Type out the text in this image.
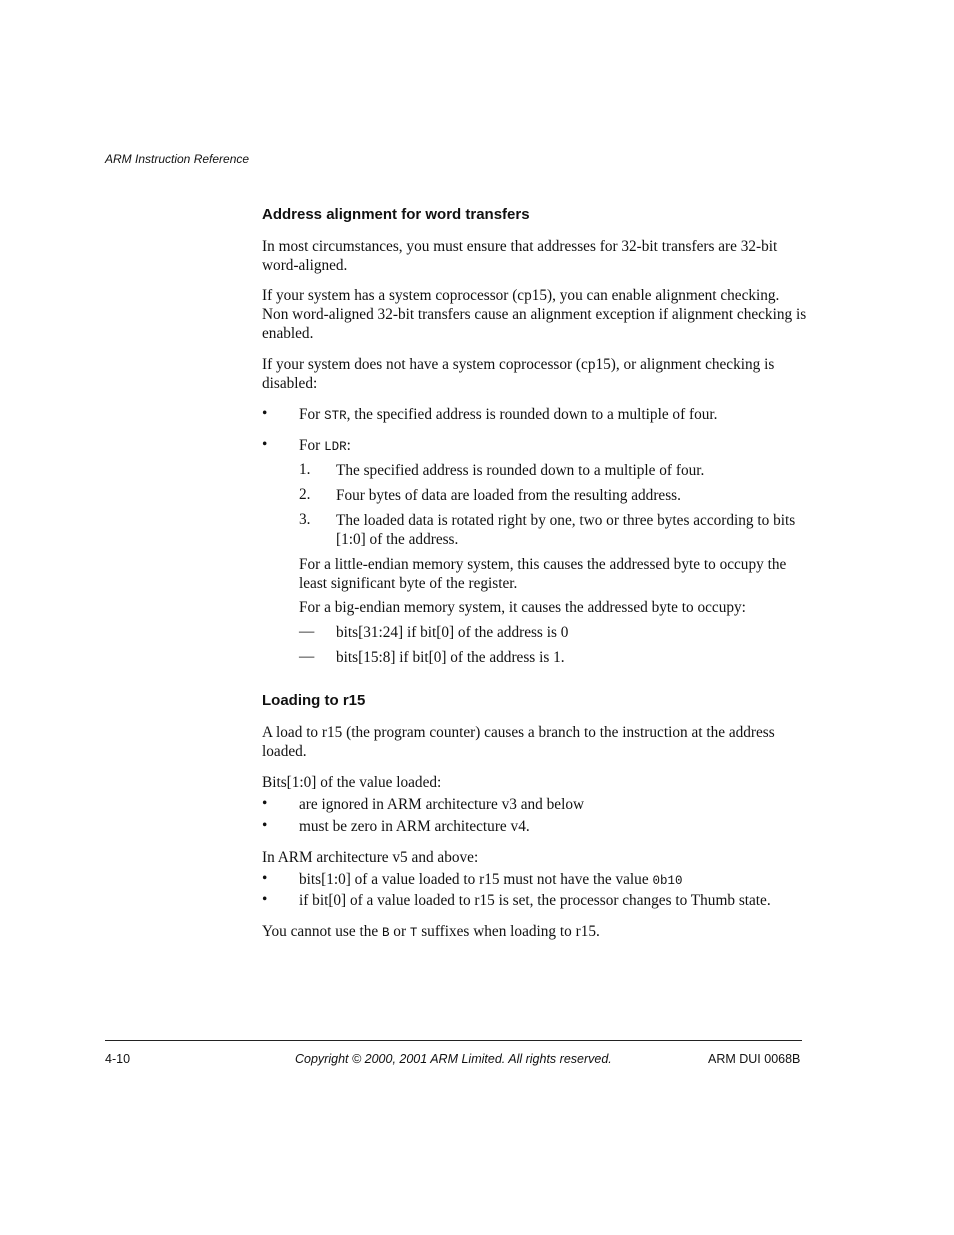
ARM Instruction Reference
Address alignment for word transfers
In most circumstances, you must ensure that addresses for 32-bit transfers are 32-bit word-aligned.
If your system has a system coprocessor (cp15), you can enable alignment checking. Non word-aligned 32-bit transfers cause an alignment exception if alignment checking is enabled.
If your system does not have a system coprocessor (cp15), or alignment checking is disabled:
• For STR, the specified address is rounded down to a multiple of four.
• For LDR:
1. The specified address is rounded down to a multiple of four.
2. Four bytes of data are loaded from the resulting address.
3. The loaded data is rotated right by one, two or three bytes according to bits [1:0] of the address.
For a little-endian memory system, this causes the addressed byte to occupy the least significant byte of the register.
For a big-endian memory system, it causes the addressed byte to occupy:
— bits[31:24] if bit[0] of the address is 0
— bits[15:8] if bit[0] of the address is 1.
Loading to r15
A load to r15 (the program counter) causes a branch to the instruction at the address loaded.
Bits[1:0] of the value loaded:
• are ignored in ARM architecture v3 and below
• must be zero in ARM architecture v4.
In ARM architecture v5 and above:
• bits[1:0] of a value loaded to r15 must not have the value 0b10
• if bit[0] of a value loaded to r15 is set, the processor changes to Thumb state.
You cannot use the B or T suffixes when loading to r15.
4-10	Copyright © 2000, 2001 ARM Limited. All rights reserved.	ARM DUI 0068B
